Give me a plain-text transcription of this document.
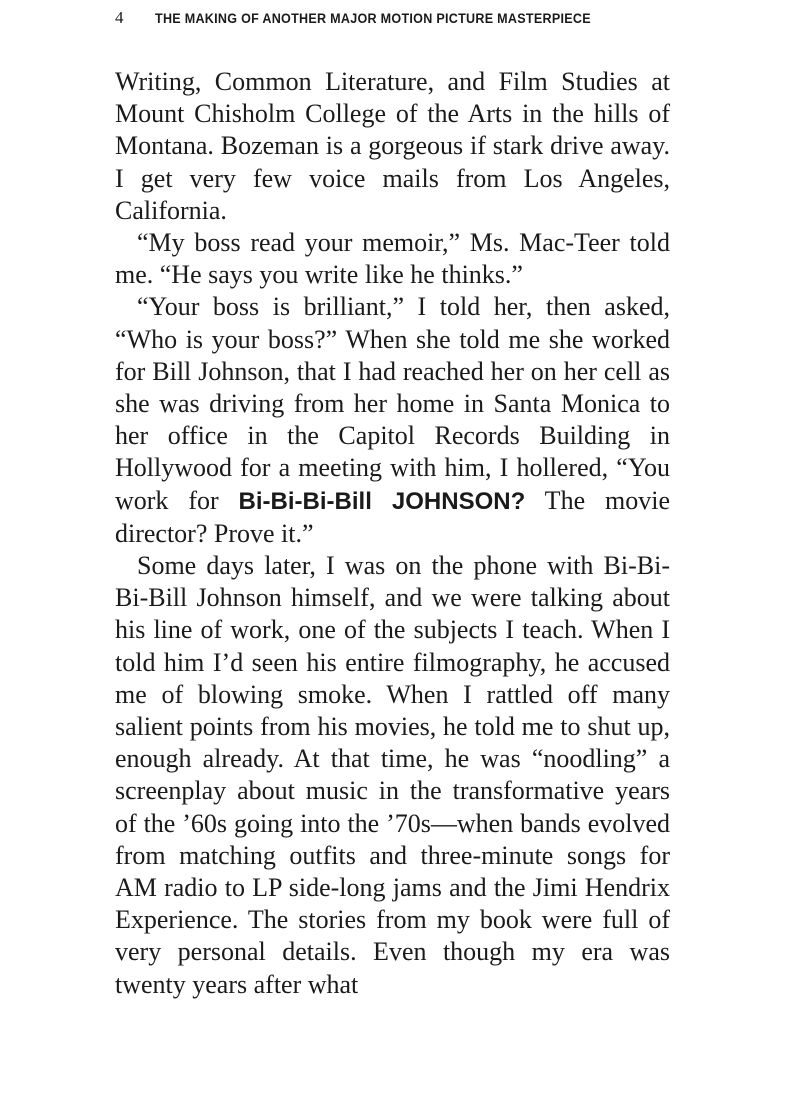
4	THE MAKING OF ANOTHER MAJOR MOTION PICTURE MASTERPIECE

Writing, Common Literature, and Film Studies at Mount Chisholm College of the Arts in the hills of Montana. Bozeman is a gorgeous if stark drive away. I get very few voice mails from Los Angeles, California.

“My boss read your memoir,” Ms. Mac-Teer told me. “He says you write like he thinks.”

“Your boss is brilliant,” I told her, then asked, “Who is your boss?” When she told me she worked for Bill Johnson, that I had reached her on her cell as she was driving from her home in Santa Monica to her office in the Capitol Records Building in Hollywood for a meeting with him, I hollered, “You work for Bi-Bi-Bi-Bill JOHNSON? The movie director? Prove it.”

Some days later, I was on the phone with Bi-Bi-Bi-Bill Johnson himself, and we were talking about his line of work, one of the subjects I teach. When I told him I’d seen his entire filmography, he accused me of blowing smoke. When I rattled off many salient points from his movies, he told me to shut up, enough already. At that time, he was “noodling” a screenplay about music in the transformative years of the ’60s going into the ’70s—when bands evolved from matching outfits and three-minute songs for AM radio to LP side-long jams and the Jimi Hendrix Experience. The stories from my book were full of very personal details. Even though my era was twenty years after what
